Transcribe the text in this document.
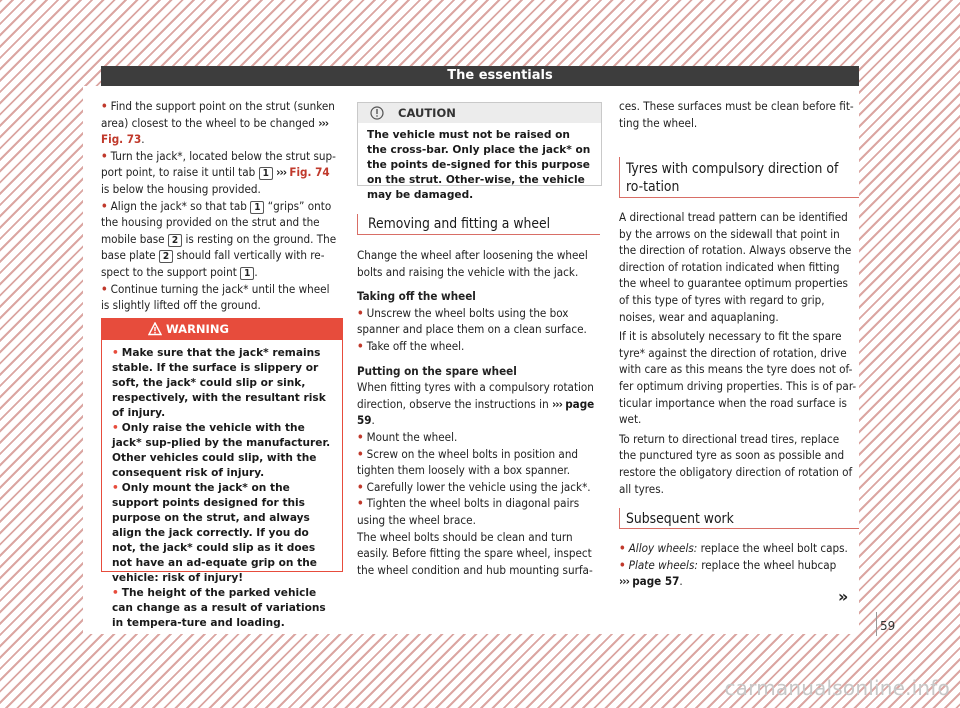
The essentials

• Find the support point on the strut (sunken area) closest to the wheel to be changed ››› Fig. 73.

• Turn the jack*, located below the strut sup-port point, to raise it until tab 1 ››› Fig. 74 is below the housing provided.

• Align the jack* so that tab 1 “grips” onto the housing provided on the strut and the mobile base 2 is resting on the ground. The base plate 2 should fall vertically with re-spect to the support point 1 .

• Continue turning the jack* until the wheel is slightly lifted off the ground.

WARNING

• Make sure that the jack* remains stable. If the surface is slippery or soft, the jack* could slip or sink, respectively, with the resultant risk of injury.

• Only raise the vehicle with the jack* sup-plied by the manufacturer. Other vehicles could slip, with the consequent risk of injury.

• Only mount the jack* on the support points designed for this purpose on the strut, and always align the jack correctly. If you do not, the jack* could slip as it does not have an ad-equate grip on the vehicle: risk of injury!

• The height of the parked vehicle can change as a result of variations in tempera-ture and loading.

CAUTION
The vehicle must not be raised on the cross-bar. Only place the jack* on the points de-signed for this purpose on the strut. Other-wise, the vehicle may be damaged.
Removing and fitting a wheel

Change the wheel after loosening the wheel bolts and raising the vehicle with the jack.

Taking off the wheel

• Unscrew the wheel bolts using the box spanner and place them on a clean surface.

• Take off the wheel.

Putting on the spare wheel

When fitting tyres with a compulsory rotation direction, observe the instructions in ››› page 59.

• Mount the wheel.

• Screw on the wheel bolts in position and tighten them loosely with a box spanner.

• Carefully lower the vehicle using the jack*.

• Tighten the wheel bolts in diagonal pairs using the wheel brace.

The wheel bolts should be clean and turn easily. Before fitting the spare wheel, inspect the wheel condition and hub mounting surfa-

ces. These surfaces must be clean before fit-ting the wheel.

Tyres with compulsory direction of ro-tation

A directional tread pattern can be identified by the arrows on the sidewall that point in the direction of rotation. Always observe the direction of rotation indicated when fitting the wheel to guarantee optimum properties of this type of tyres with regard to grip, noises, wear and aquaplaning.

If it is absolutely necessary to fit the spare tyre* against the direction of rotation, drive with care as this means the tyre does not of-fer optimum driving properties. This is of par-ticular importance when the road surface is wet.

To return to directional tread tires, replace the punctured tyre as soon as possible and restore the obligatory direction of rotation of all tyres.

Subsequent work

• Alloy wheels: replace the wheel bolt caps.

• Plate wheels: replace the wheel hubcap
››› page 57.

»
59
carmanualsonline.info
